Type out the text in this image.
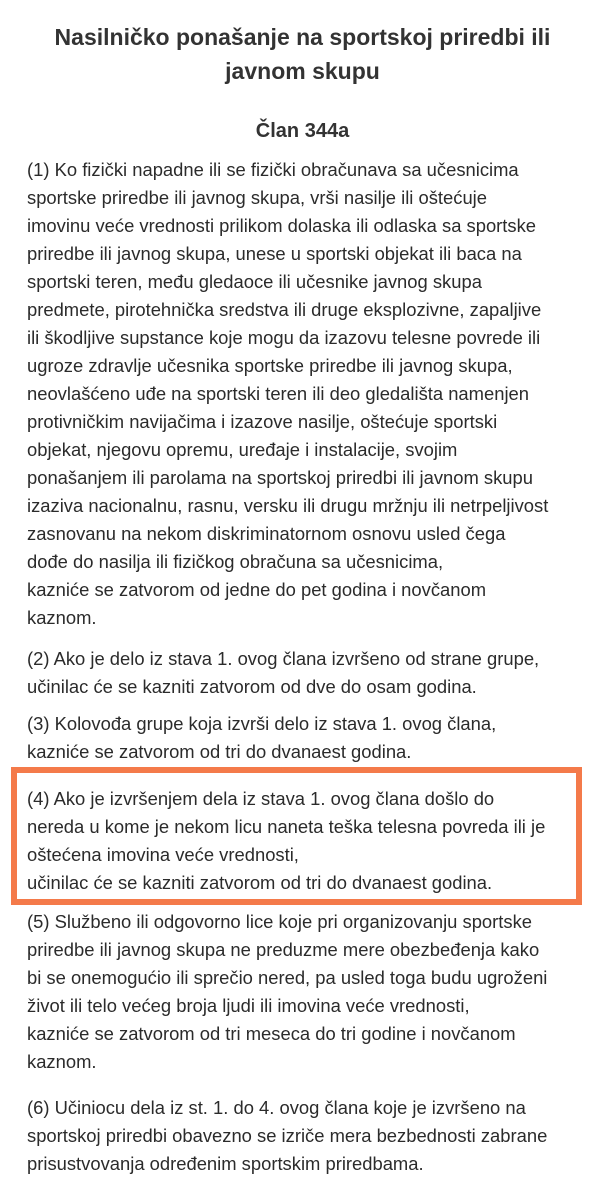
Nasilničko ponašanje na sportskoj priredbi ili
javnom skupu
Član 344a

(1) Ko fizički napadne ili se fizički obračunava sa učesnicima
sportske priredbe ili javnog skupa, vrši nasilje ili oštećuje
imovinu veće vrednosti prilikom dolaska ili odlaska sa sportske
priredbe ili javnog skupa, unese u sportski objekat ili baca na
sportski teren, među gledaoce ili učesnike javnog skupa
predmete, pirotehnička sredstva ili druge eksplozivne, zapaljive
ili škodljive supstance koje mogu da izazovu telesne povrede ili
ugroze zdravlje učesnika sportske priredbe ili javnog skupa,
neovlašćeno uđe na sportski teren ili deo gledališta namenjen
protivničkim navijačima i izazove nasilje, oštećuje sportski
objekat, njegovu opremu, uređaje i instalacije, svojim
ponašanjem ili parolama na sportskoj priredbi ili javnom skupu
izaziva nacionalnu, rasnu, versku ili drugu mržnju ili netrpeljivost
zasnovanu na nekom diskriminatornom osnovu usled čega
dođe do nasilja ili fizičkog obračuna sa učesnicima,
kazniće se zatvorom od jedne do pet godina i novčanom
kaznom.

(2) Ako je delo iz stava 1. ovog člana izvršeno od strane grupe,
učinilac će se kazniti zatvorom od dve do osam godina.

(3) Kolovođa grupe koja izvrši delo iz stava 1. ovog člana,
kazniće se zatvorom od tri do dvanaest godina.

(4) Ako je izvršenjem dela iz stava 1. ovog člana došlo do
nereda u kome je nekom licu naneta teška telesna povreda ili je
oštećena imovina veće vrednosti,
učinilac će se kazniti zatvorom od tri do dvanaest godina.

(5) Službeno ili odgovorno lice koje pri organizovanju sportske
priredbe ili javnog skupa ne preduzme mere obezbeđenja kako
bi se onemogućio ili sprečio nered, pa usled toga budu ugroženi
život ili telo većeg broja ljudi ili imovina veće vrednosti,
kazniće se zatvorom od tri meseca do tri godine i novčanom
kaznom.

(6) Učiniocu dela iz st. 1. do 4. ovog člana koje je izvršeno na
sportskoj priredbi obavezno se izriče mera bezbednosti zabrane
prisustvovanja određenim sportskim priredbama.
